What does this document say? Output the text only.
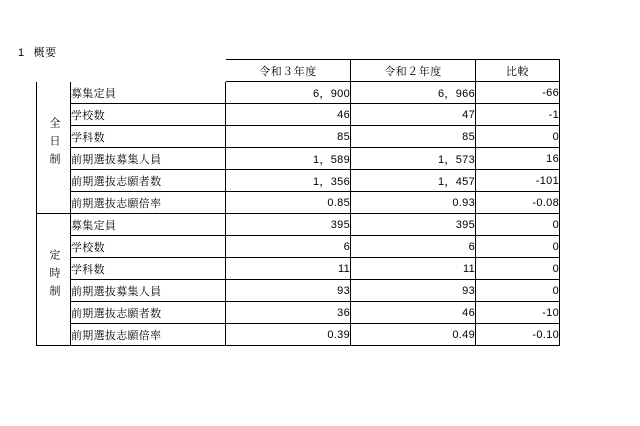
1 概要
		令和３年度	令和２年度	比較
全日制	募集定員	6，900	6，966	-66
	学校数	46	47	-1
	学科数	85	85	0
	前期選抜募集人員	1，589	1，573	16
	前期選抜志願者数	1，356	1，457	-101
	前期選抜志願倍率	0.85	0.93	-0.08
定時制	募集定員	395	395	0
	学校数	6	6	0
	学科数	11	11	0
	前期選抜募集人員	93	93	0
	前期選抜志願者数	36	46	-10
	前期選抜志願倍率	0.39	0.49	-0.10
